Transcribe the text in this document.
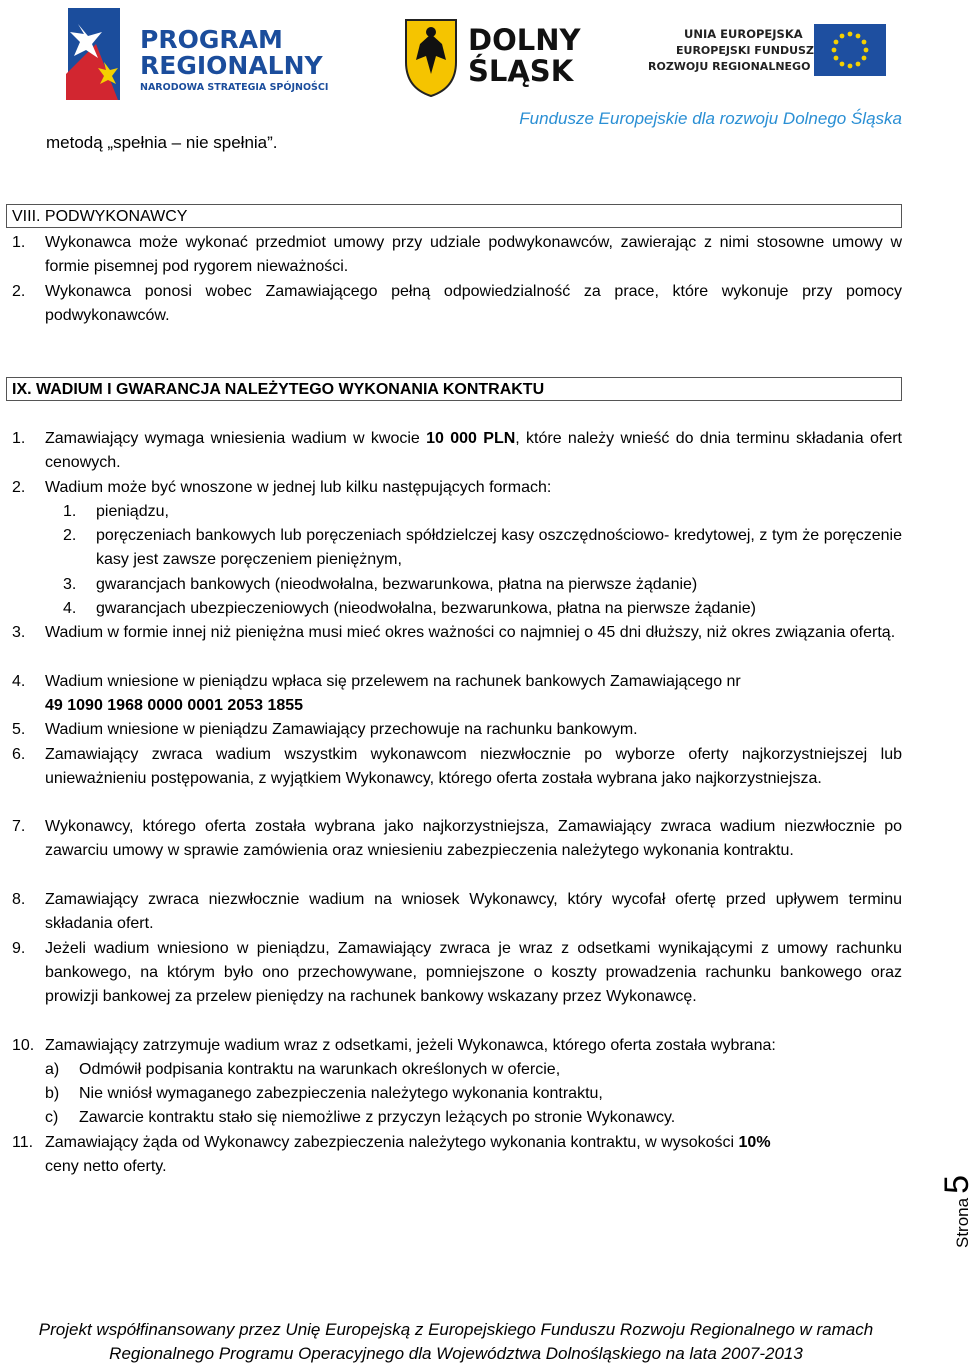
PROGRAM
REGIONALNY
NARODOWA STRATEGIA SPÓJNOŚCI
DOLNY
ŚLĄSK
UNIA EUROPEJSKA
EUROPEJSKI FUNDUSZ
ROZWOJU REGIONALNEGO
metodą „spełnia – nie spełnia”.
Fundusze Europejskie dla rozwoju Dolnego Śląska
VIII. PODWYKONAWCY
1. Wykonawca może wykonać przedmiot umowy przy udziale podwykonawców, zawierając z nimi stosowne umowy w formie pisemnej pod rygorem nieważności.
2. Wykonawca ponosi wobec Zamawiającego pełną odpowiedzialność za prace, które wykonuje przy pomocy podwykonawców.
IX. WADIUM I GWARANCJA NALEŻYTEGO WYKONANIA KONTRAKTU
1. Zamawiający wymaga wniesienia wadium w kwocie 10 000 PLN, które należy wnieść do dnia terminu składania ofert cenowych.
2. Wadium może być wnoszone w jednej lub kilku następujących formach:
1. pieniądzu,
2. poręczeniach bankowych lub poręczeniach spółdzielczej kasy oszczędnościowo- kredytowej, z tym że poręczenie kasy jest zawsze poręczeniem pieniężnym,
3. gwarancjach bankowych (nieodwołalna, bezwarunkowa, płatna na pierwsze żądanie)
4. gwarancjach ubezpieczeniowych (nieodwołalna, bezwarunkowa, płatna na pierwsze żądanie)
3. Wadium w formie innej niż pieniężna musi mieć okres ważności co najmniej o 45 dni dłuższy, niż okres związania ofertą.
4. Wadium wniesione w pieniądzu wpłaca się przelewem na rachunek bankowych Zamawiającego nr
49 1090 1968 0000 0001 2053 1855
5. Wadium wniesione w pieniądzu Zamawiający przechowuje na rachunku bankowym.
6. Zamawiający zwraca wadium wszystkim wykonawcom niezwłocznie po wyborze oferty najkorzystniejszej lub unieważnieniu postępowania, z wyjątkiem Wykonawcy, którego oferta została wybrana jako najkorzystniejsza.
7. Wykonawcy, którego oferta została wybrana jako najkorzystniejsza, Zamawiający zwraca wadium niezwłocznie po zawarciu umowy w sprawie zamówienia oraz wniesieniu zabezpieczenia należytego wykonania kontraktu.
8. Zamawiający zwraca niezwłocznie wadium na wniosek Wykonawcy, który wycofał ofertę przed upływem terminu składania ofert.
9. Jeżeli wadium wniesiono w pieniądzu, Zamawiający zwraca je wraz z odsetkami wynikającymi z umowy rachunku bankowego, na którym było ono przechowywane, pomniejszone o koszty prowadzenia rachunku bankowego oraz prowizji bankowej za przelew pieniędzy na rachunek bankowy wskazany przez Wykonawcę.
10. Zamawiający zatrzymuje wadium wraz z odsetkami, jeżeli Wykonawca, którego oferta została wybrana:
a) Odmówił podpisania kontraktu na warunkach określonych w ofercie,
b) Nie wniósł wymaganego zabezpieczenia należytego wykonania kontraktu,
c) Zawarcie kontraktu stało się niemożliwe z przyczyn leżących po stronie Wykonawcy.
11. Zamawiający żąda od Wykonawcy zabezpieczenia należytego wykonania kontraktu, w wysokości 10%
ceny netto oferty.
Strona5
Projekt współfinansowany przez Unię Europejską z Europejskiego Funduszu Rozwoju Regionalnego w ramach
Regionalnego Programu Operacyjnego dla Województwa Dolnośląskiego na lata 2007-2013
